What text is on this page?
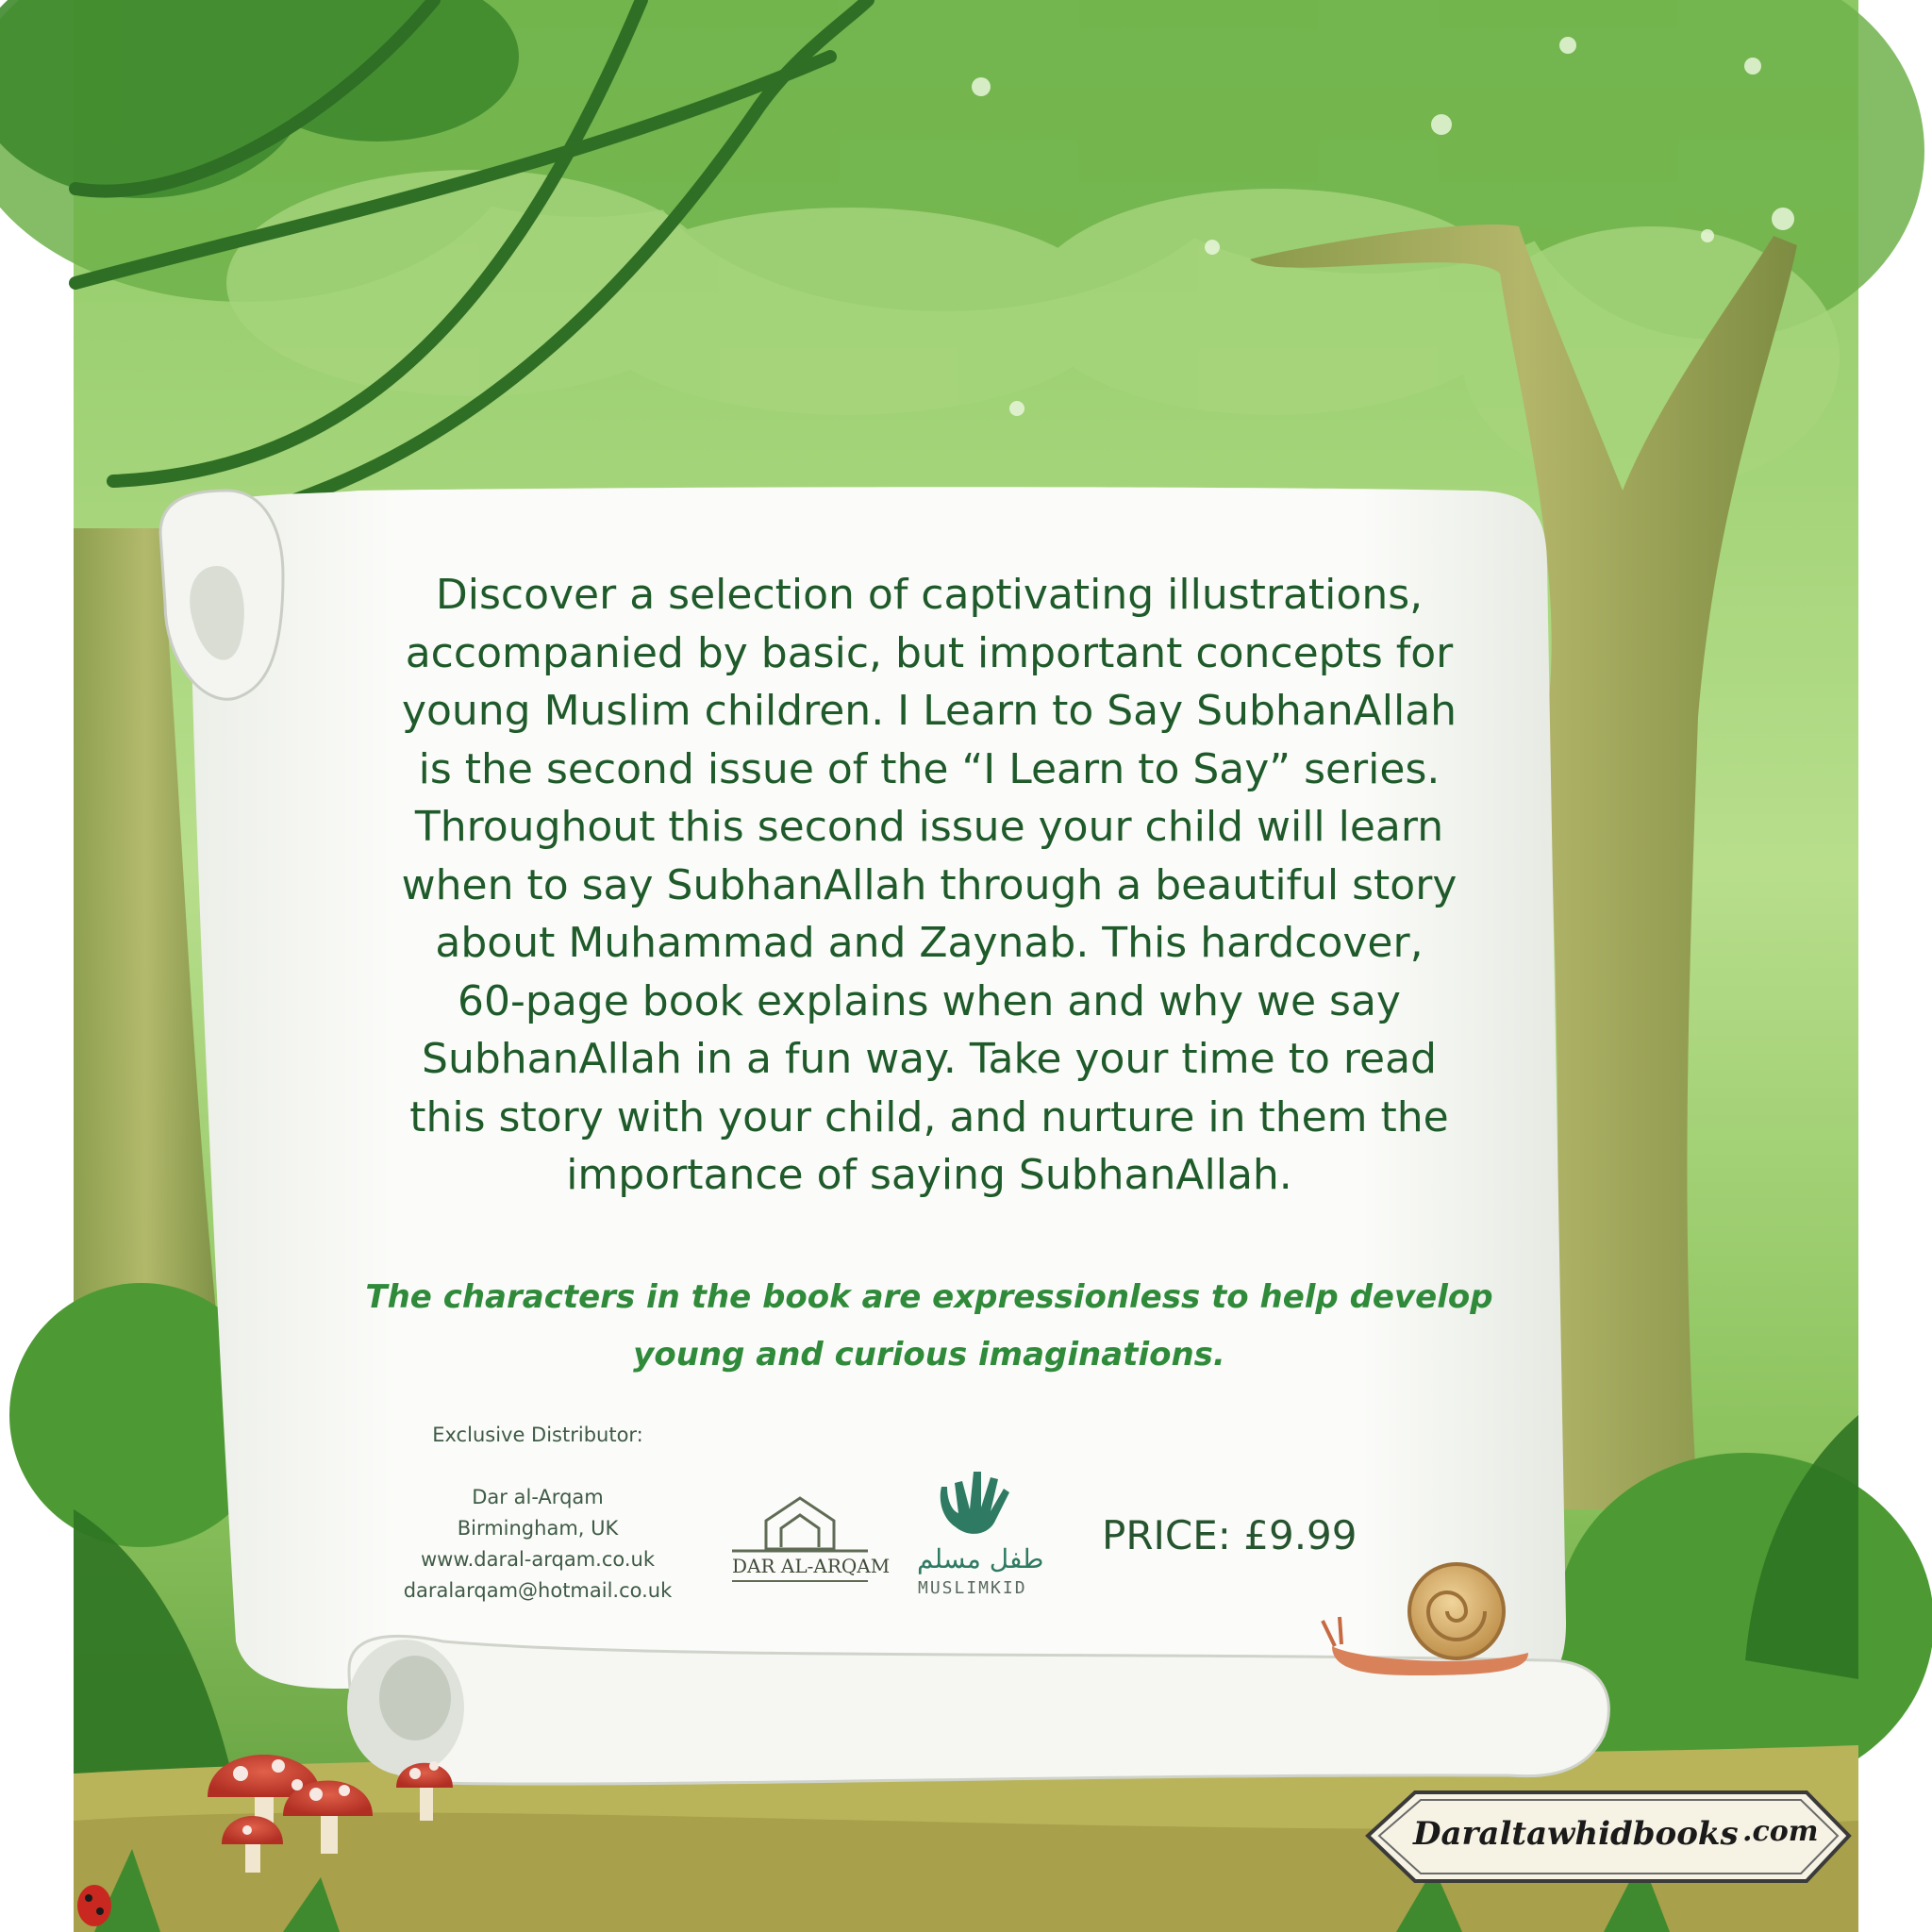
Discover a selection of captivating illustrations,
accompanied by basic, but important concepts for
young Muslim children. I Learn to Say SubhanAllah
is the second issue of the “I Learn to Say” series.
Throughout this second issue your child will learn
when to say SubhanAllah through a beautiful story
about Muhammad and Zaynab. This hardcover,
60-page book explains when and why we say
SubhanAllah in a fun way. Take your time to read
this story with your child, and nurture in them the
importance of saying SubhanAllah.
The characters in the book are expressionless to help develop
young and curious imaginations.
Exclusive Distributor:
Dar al-Arqam
Birmingham, UK
www.daral-arqam.co.uk
daralarqam@hotmail.co.uk
DAR AL-ARQAM طفل مسلم
MUSLIMKID
PRICE: £9.99
Daraltawhidbooks .com
